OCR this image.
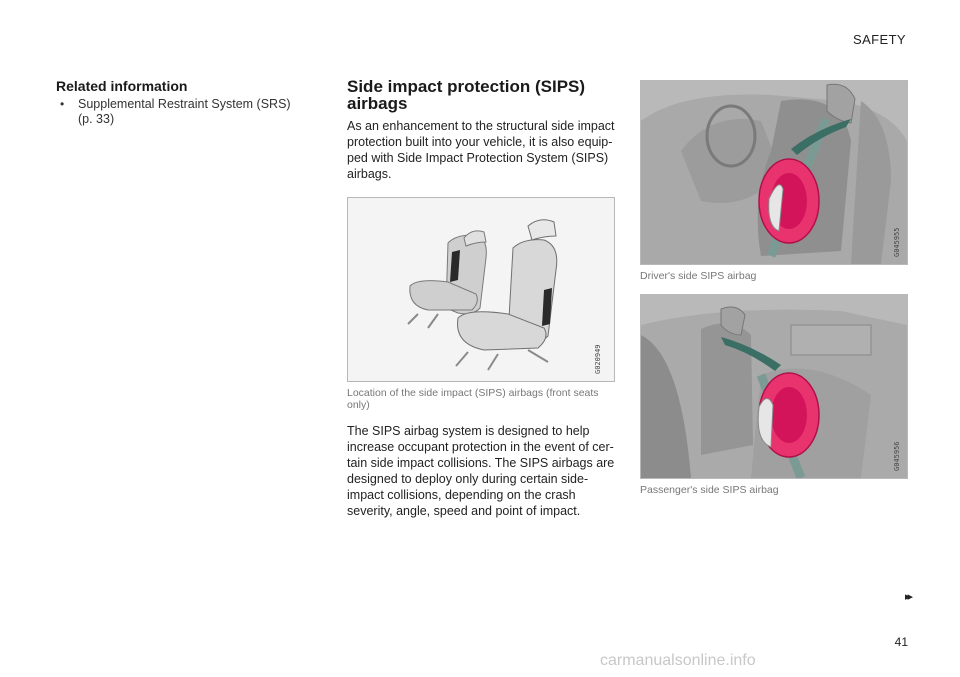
SAFETY
Related information
• Supplemental Restraint System (SRS) (p. 33)
Side impact protection (SIPS) airbags

As an enhancement to the structural side impact protection built into your vehicle, it is also equip-ped with Side Impact Protection System (SIPS) airbags.

G020949
Location of the side impact (SIPS) airbags (front seats only)

The SIPS airbag system is designed to help increase occupant protection in the event of cer-tain side impact collisions. The SIPS airbags are designed to deploy only during certain side-impact collisions, depending on the crash severity, angle, speed and point of impact.

G045955
Driver's side SIPS airbag
G045956
Passenger's side SIPS airbag
▸▸
41
carmanualsonline.info
